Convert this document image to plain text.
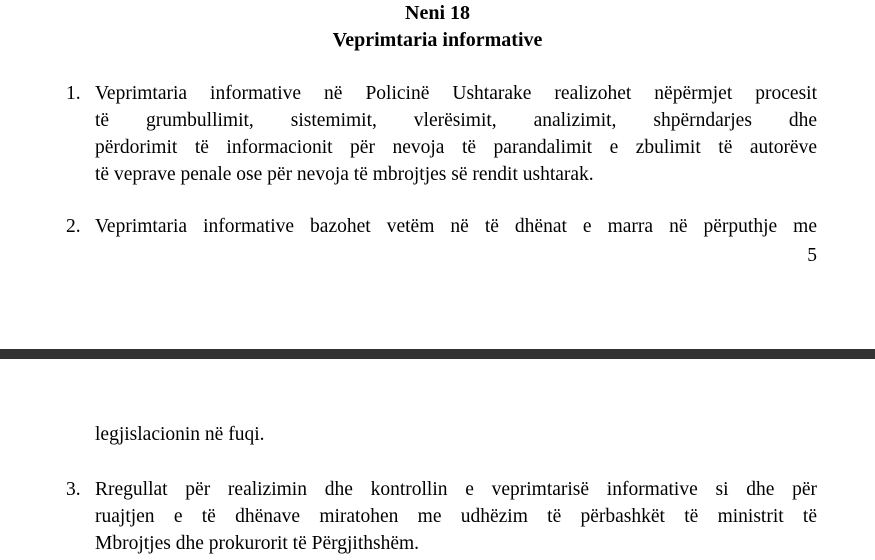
Neni 18
Veprimtaria informative
1. Veprimtaria informative në Policinë Ushtarake realizohet nëpërmjet procesit
të grumbullimit, sistemimit, vlerësimit, analizimit, shpërndarjes dhe
përdorimit të informacionit për nevoja të parandalimit e zbulimit të autorëve
të veprave penale ose për nevoja të mbrojtjes së rendit ushtarak.
2. Veprimtaria informative bazohet vetëm në të dhënat e marra në përputhje me
5
legjislacionin në fuqi.
3. Rregullat për realizimin dhe kontrollin e veprimtarisë informative si dhe për
ruajtjen e të dhënave miratohen me udhëzim të përbashkët të ministrit të
Mbrojtjes dhe prokurorit të Përgjithshëm.
